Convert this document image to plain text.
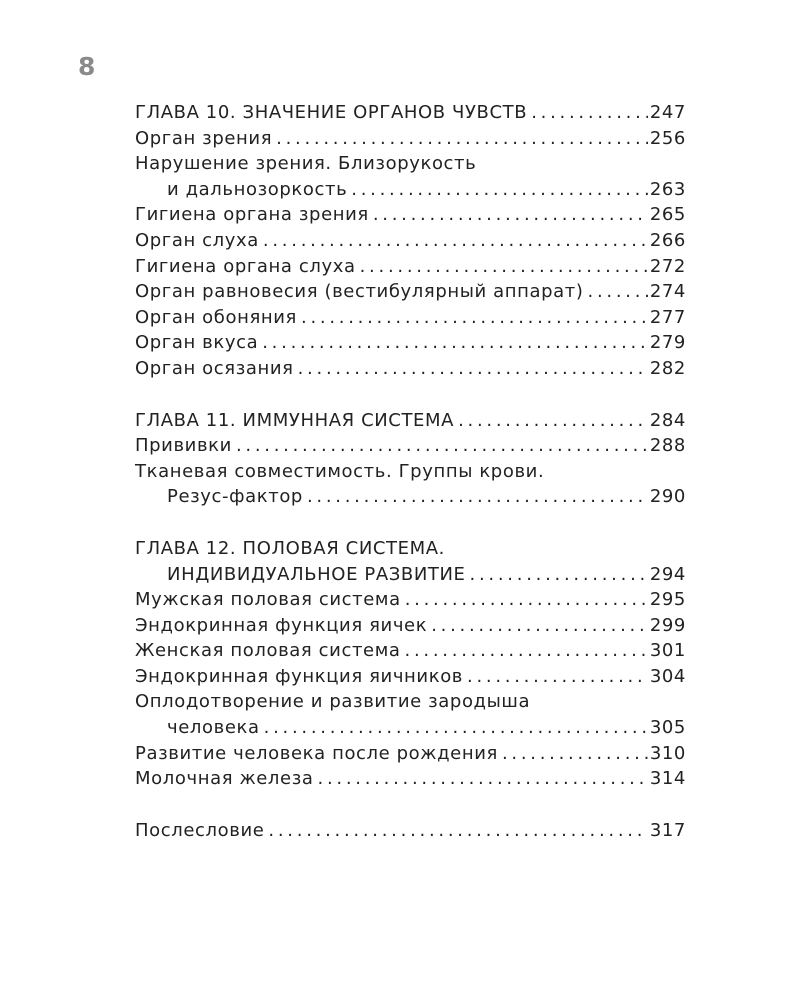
8
ГЛАВА 10. ЗНАЧЕНИЕ ОРГАНОВ ЧУВСТВ . . .	247
Орган зрения . . .	256
Нарушение зрения. Близорукость
и дальнозоркость . . .	263
Гигиена органа зрения . . .	265
Орган слуха . . .	266
Гигиена органа слуха . . .	272
Орган равновесия (вестибулярный аппарат) . . .	274
Орган обоняния . . .	277
Орган вкуса . . .	279
Орган осязания . . .	282
ГЛАВА 11. ИММУННАЯ СИСТЕМА . . .	284
Прививки . . .	288
Тканевая совместимость. Группы крови.
Резус-фактор . . .	290
ГЛАВА 12. ПОЛОВАЯ СИСТЕМА.
ИНДИВИДУАЛЬНОЕ РАЗВИТИЕ . . .	294
Мужская половая система . . .	295
Эндокринная функция яичек . . .	299
Женская половая система . . .	301
Эндокринная функция яичников . . .	304
Оплодотворение и развитие зародыша
человека . . .	305
Развитие человека после рождения . . .	310
Молочная железа . . .	314
Послесловие . . .	317
